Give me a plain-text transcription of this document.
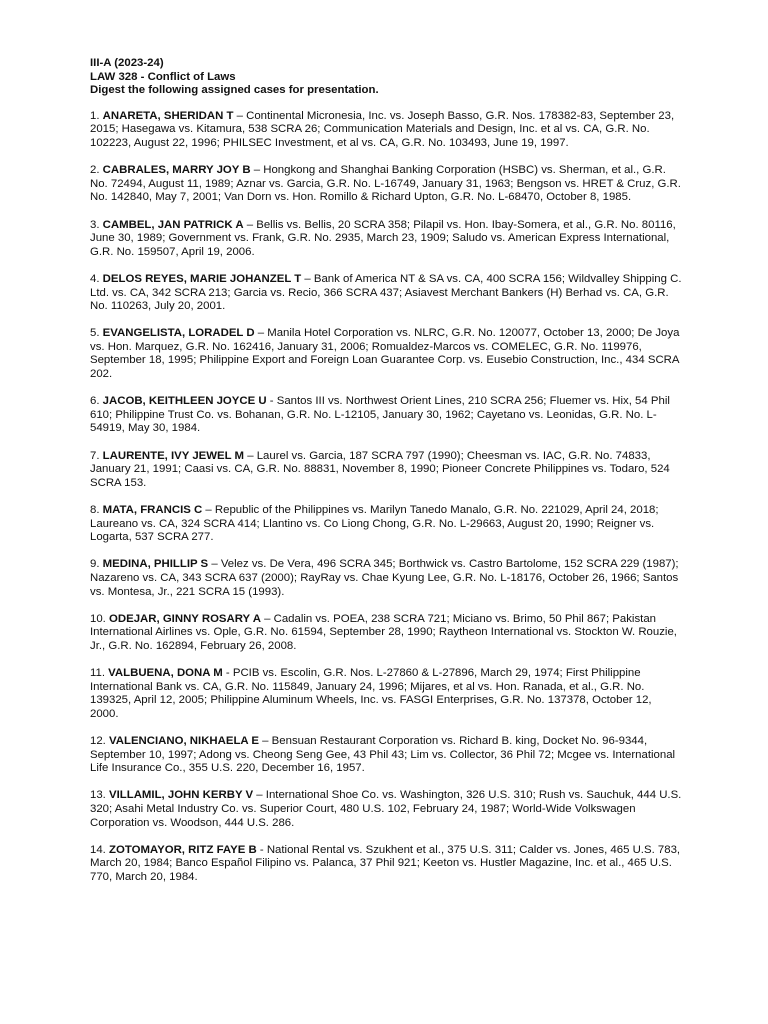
III-A (2023-24)

LAW 328 - Conflict of Laws

Digest the following assigned cases for presentation.

1. ANARETA, SHERIDAN T – Continental Micronesia, Inc. vs. Joseph Basso, G.R. Nos. 178382-83, September 23, 2015; Hasegawa vs. Kitamura, 538 SCRA 26; Communication Materials and Design, Inc. et al vs. CA, G.R. No. 102223, August 22, 1996; PHILSEC Investment, et al vs. CA, G.R. No. 103493, June 19, 1997.
2. CABRALES, MARRY JOY B – Hongkong and Shanghai Banking Corporation (HSBC) vs. Sherman, et al., G.R. No. 72494, August 11, 1989; Aznar vs. Garcia, G.R. No. L-16749, January 31, 1963; Bengson vs. HRET & Cruz, G.R. No. 142840, May 7, 2001; Van Dorn vs. Hon. Romillo & Richard Upton, G.R. No. L-68470, October 8, 1985.
3. CAMBEL, JAN PATRICK A – Bellis vs. Bellis, 20 SCRA 358; Pilapil vs. Hon. Ibay-Somera, et al., G.R. No. 80116, June 30, 1989; Government vs. Frank, G.R. No. 2935, March 23, 1909; Saludo vs. American Express International, G.R. No. 159507, April 19, 2006.
4. DELOS REYES, MARIE JOHANZEL T – Bank of America NT & SA vs. CA, 400 SCRA 156; Wildvalley Shipping C. Ltd. vs. CA, 342 SCRA 213; Garcia vs. Recio, 366 SCRA 437; Asiavest Merchant Bankers (H) Berhad vs. CA, G.R. No. 110263, July 20, 2001.
5. EVANGELISTA, LORADEL D – Manila Hotel Corporation vs. NLRC, G.R. No. 120077, October 13, 2000; De Joya vs. Hon. Marquez, G.R. No. 162416, January 31, 2006; Romualdez-Marcos vs. COMELEC, G.R. No. 119976, September 18, 1995; Philippine Export and Foreign Loan Guarantee Corp. vs. Eusebio Construction, Inc., 434 SCRA 202.
6. JACOB, KEITHLEEN JOYCE U - Santos III vs. Northwest Orient Lines, 210 SCRA 256; Fluemer vs. Hix, 54 Phil 610; Philippine Trust Co. vs. Bohanan, G.R. No. L-12105, January 30, 1962; Cayetano vs. Leonidas, G.R. No. L-54919, May 30, 1984.
7. LAURENTE, IVY JEWEL M – Laurel vs. Garcia, 187 SCRA 797 (1990); Cheesman vs. IAC, G.R. No. 74833, January 21, 1991; Caasi vs. CA, G.R. No. 88831, November 8, 1990; Pioneer Concrete Philippines vs. Todaro, 524 SCRA 153.
8. MATA, FRANCIS C – Republic of the Philippines vs. Marilyn Tanedo Manalo, G.R. No. 221029, April 24, 2018; Laureano vs. CA, 324 SCRA 414; Llantino vs. Co Liong Chong, G.R. No. L-29663, August 20, 1990; Reigner vs. Logarta, 537 SCRA 277.
9. MEDINA, PHILLIP S – Velez vs. De Vera, 496 SCRA 345; Borthwick vs. Castro Bartolome, 152 SCRA 229 (1987); Nazareno vs. CA, 343 SCRA 637 (2000); RayRay vs. Chae Kyung Lee, G.R. No. L-18176, October 26, 1966; Santos vs. Montesa, Jr., 221 SCRA 15 (1993).
10. ODEJAR, GINNY ROSARY A – Cadalin vs. POEA, 238 SCRA 721; Miciano vs. Brimo, 50 Phil 867; Pakistan International Airlines vs. Ople, G.R. No. 61594, September 28, 1990; Raytheon International vs. Stockton W. Rouzie, Jr., G.R. No. 162894, February 26, 2008.
11. VALBUENA, DONA M - PCIB vs. Escolin, G.R. Nos. L-27860 & L-27896, March 29, 1974; First Philippine International Bank vs. CA, G.R. No. 115849, January 24, 1996; Mijares, et al vs. Hon. Ranada, et al., G.R. No. 139325, April 12, 2005; Philippine Aluminum Wheels, Inc. vs. FASGI Enterprises, G.R. No. 137378, October 12, 2000.
12. VALENCIANO, NIKHAELA E – Bensuan Restaurant Corporation vs. Richard B. king, Docket No. 96-9344, September 10, 1997; Adong vs. Cheong Seng Gee, 43 Phil 43; Lim vs. Collector, 36 Phil 72; Mcgee vs. International Life Insurance Co., 355 U.S. 220, December 16, 1957.
13. VILLAMIL, JOHN KERBY V – International Shoe Co. vs. Washington, 326 U.S. 310; Rush vs. Sauchuk, 444 U.S. 320; Asahi Metal Industry Co. vs. Superior Court, 480 U.S. 102, February 24, 1987; World-Wide Volkswagen Corporation vs. Woodson, 444 U.S. 286.
14. ZOTOMAYOR, RITZ FAYE B - National Rental vs. Szukhent et al., 375 U.S. 311; Calder vs. Jones, 465 U.S. 783, March 20, 1984; Banco Español Filipino vs. Palanca, 37 Phil 921; Keeton vs. Hustler Magazine, Inc. et al., 465 U.S. 770, March 20, 1984.
